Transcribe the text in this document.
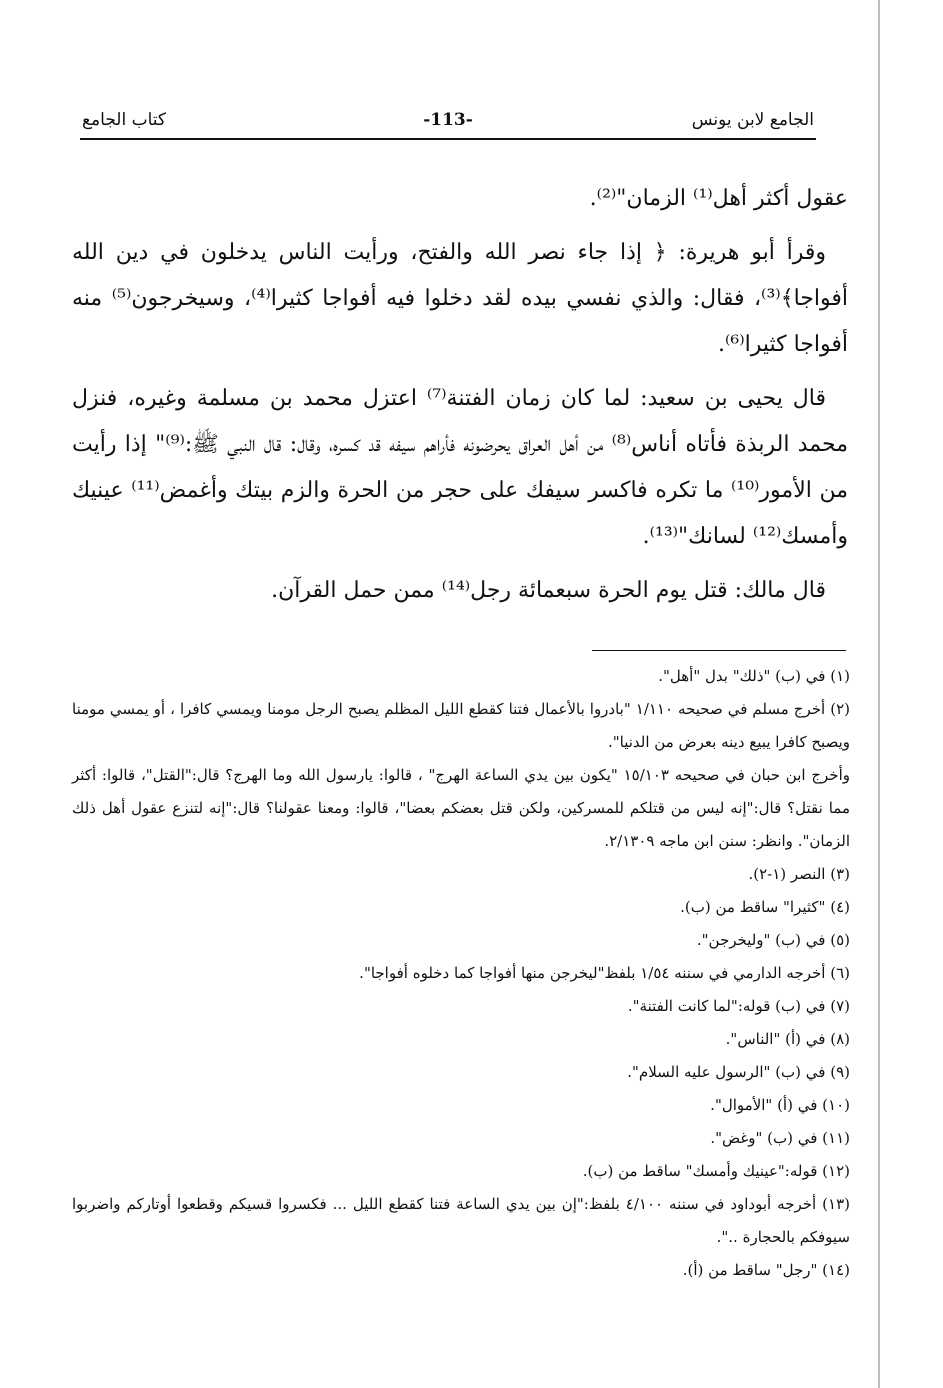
الجامع لابن يونس
-113-
كتاب الجامع

عقول أكثر أهل⁽¹⁾ الزمان"⁽²⁾.

وقرأ أبو هريرة: ﴿ إذا جاء نصر الله والفتح، ورأيت الناس يدخلون في دين الله أفواجا﴾⁽³⁾، فقال: والذي نفسي بيده لقد دخلوا فيه أفواجا كثيرا⁽⁴⁾، وسيخرجون⁽⁵⁾ منه أفواجا كثيرا⁽⁶⁾.

قال يحيى بن سعيد: لما كان زمان الفتنة⁽⁷⁾ اعتزل محمد بن مسلمة وغيره، فنزل محمد الربذة فأتاه أناس⁽⁸⁾ من أهل العراق يحرضونه فأراهم سيفه قد كسره، وقال: قال النبي ﷺ:⁽⁹⁾" إذا رأيت من الأمور⁽¹⁰⁾ ما تكره فاكسر سيفك على حجر من الحرة والزم بيتك وأغمض⁽¹¹⁾ عينيك وأمسك⁽¹²⁾ لسانك"⁽¹³⁾.

قال مالك: قتل يوم الحرة سبعمائة رجل⁽¹⁴⁾ ممن حمل القرآن.

(١) في (ب) "ذلك" بدل "أهل".

(٢) أخرج مسلم في صحيحه ١/١١٠ "بادروا بالأعمال فتنا كقطع الليل المظلم يصبح الرجل مومنا ويمسي كافرا ، أو يمسي مومنا ويصبح كافرا يبيع دينه بعرض من الدنيا".

وأخرج ابن حبان في صحيحه ١٥/١٠٣ "يكون بين يدي الساعة الهرج" ، قالوا: يارسول الله وما الهرج؟ قال:"القتل"، قالوا: أكثر مما نقتل؟ قال:"إنه ليس من قتلكم للمسركين، ولكن قتل بعضكم بعضا"، قالوا: ومعنا عقولنا؟ قال:"إنه لتنزع عقول أهل ذلك الزمان". وانظر: سنن ابن ماجه ٢/١٣٠٩.

(٣) النصر (١-٢).

(٤) "كثيرا" ساقط من (ب).

(٥) في (ب) "وليخرجن".

(٦) أخرجه الدارمي في سننه ١/٥٤ بلفظ"ليخرجن منها أفواجا كما دخلوه أفواجا".

(٧) في (ب) قوله:"لما كانت الفتنة".

(٨) في (أ) "الناس".

(٩) في (ب) "الرسول عليه السلام".

(١٠) في (أ) "الأموال".

(١١) في (ب) "وغض".

(١٢) قوله:"عينيك وأمسك" ساقط من (ب).

(١٣) أخرجه أبوداود في سننه ٤/١٠٠ بلفظ:"إن بين يدي الساعة فتنا كقطع الليل ... فكسروا قسيكم وقطعوا أوتاركم واضربوا سيوفكم بالحجارة ..".

(١٤) "رجل" ساقط من (أ).
